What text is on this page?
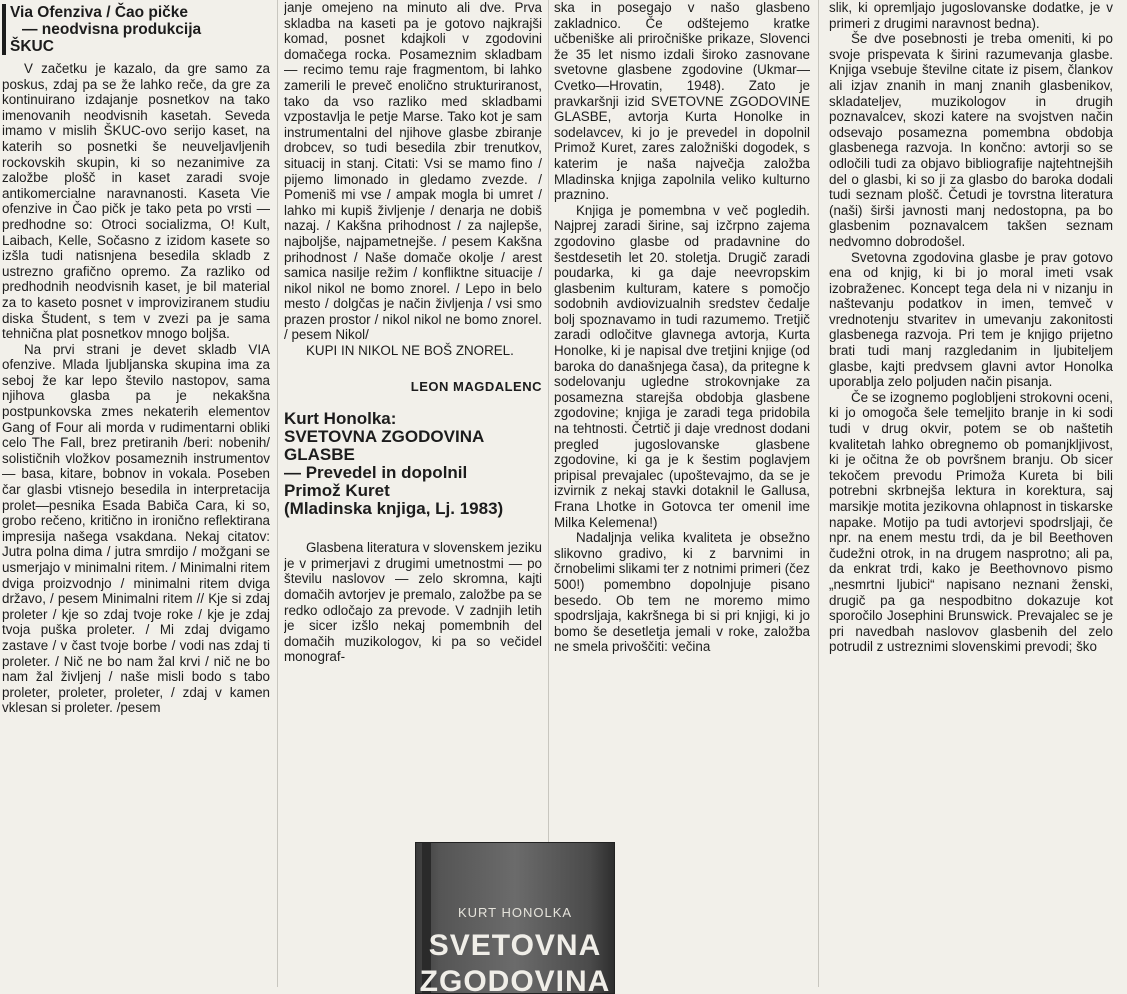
Via Ofenziva / Čao pičke
— neodvisna produkcija
ŠKUC

V začetku je kazalo, da gre samo za poskus, zdaj pa se že lahko reče, da gre za kontinuirano izdajanje posnetkov na tako imenovanih neodvisnih kasetah. Seveda imamo v mislih ŠKUC-ovo serijo kaset, na katerih so posnetki še neuveljavljenih rockovskih skupin, ki so nezanimive za založbe plošč in kaset zaradi svoje antikomercialne naravnanosti. Kaseta Vie ofenzive in Čao pičk je tako peta po vrsti — predhodne so: Otroci socializma, O! Kult, Laibach, Kelle, Sočasno z izidom kasete so izšla tudi natisnjena besedila skladb z ustrezno grafično opremo. Za razliko od predhodnih neodvisnih kaset, je bil material za to kaseto posnet v improviziranem studiu diska Študent, s tem v zvezi pa je sama tehnična plat posnetkov mnogo boljša.

Na prvi strani je devet skladb VIA ofenzive. Mlada ljubljanska skupina ima za seboj že kar lepo število nastopov, sama njihova glasba pa je nekakšna postpunkovska zmes nekaterih elementov Gang of Four ali morda v rudimentarni obliki celo The Fall, brez pretiranih /beri: nobenih/ solističnih vložkov posameznih instrumentov — basa, kitare, bobnov in vokala. Poseben čar glasbi vtisnejo besedila in interpretacija prolet—pesnika Esada Babiča Cara, ki so, grobo rečeno, kritično in ironično reflektirana impresija našega vsakdana. Nekaj citatov: Jutra polna dima / jutra smrdijo / možgani se usmerjajo v minimalni ritem. / Minimalni ritem dviga proizvodnjo / minimalni ritem dviga državo, / pesem Minimalni ritem // Kje si zdaj proleter / kje so zdaj tvoje roke / kje je zdaj tvoja puška proleter. / Mi zdaj dvigamo zastave / v čast tvoje borbe / vodi nas zdaj ti proleter. / Nič ne bo nam žal krvi / nič ne bo nam žal življenj / naše misli bodo s tabo proleter, proleter, proleter, / zdaj v kamen vklesan si proleter. /pesem

janje omejeno na minuto ali dve. Prva skladba na kaseti pa je gotovo najkrajši komad, posnet kdajkoli v zgodovini domačega rocka. Posameznim skladbam — recimo temu raje fragmentom, bi lahko zamerili le preveč enolično strukturiranost, tako da vso razliko med skladbami vzpostavlja le petje Marse. Tako kot je sam instrumentalni del njihove glasbe zbiranje drobcev, so tudi besedila zbir trenutkov, situacij in stanj. Citati: Vsi se mamo fino / pijemo limonado in gledamo zvezde. / Pomeniš mi vse / ampak mogla bi umret / lahko mi kupiš življenje / denarja ne dobiš nazaj. / Kakšna prihodnost / za najlepše, najboljše, najpametnejše. / pesem Kakšna prihodnost / Naše domače okolje / arest samica nasilje režim / konfliktne situacije / nikol nikol ne bomo znorel. / Lepo in belo mesto / dolgčas je način življenja / vsi smo prazen prostor / nikol nikol ne bomo znorel. / pesem Nikol/

KUPI IN NIKOL NE BOŠ ZNOREL.

LEON MAGDALENC
Kurt Honolka:
SVETOVNA ZGODOVINA
GLASBE
— Prevedel in dopolnil
Primož Kuret
(Mladinska knjiga, Lj. 1983)

Glasbena literatura v slovenskem jeziku je v primerjavi z drugimi umetnostmi — po številu naslovov — zelo skromna, kajti domačih avtorjev je premalo, založbe pa se redko odločajo za prevode. V zadnjih letih je sicer izšlo nekaj pomembnih del domačih muzikologov, ki pa so večidel monograf-

ska in posegajo v našo glasbeno zakladnico. Če odštejemo kratke učbeniške ali priročniške prikaze, Slovenci že 35 let nismo izdali široko zasnovane svetovne glasbene zgodovine (Ukmar—Cvetko—Hrovatin, 1948). Zato je pravkaršnji izid SVETOVNE ZGODOVINE GLASBE, avtorja Kurta Honolke in sodelavcev, ki jo je prevedel in dopolnil Primož Kuret, zares založniški dogodek, s katerim je naša največja založba Mladinska knjiga zapolnila veliko kulturno praznino.

Knjiga je pomembna v več pogledih. Najprej zaradi širine, saj izčrpno zajema zgodovino glasbe od pradavnine do šestdesetih let 20. stoletja. Drugič zaradi poudarka, ki ga daje neevropskim glasbenim kulturam, katere s pomočjo sodobnih avdiovizualnih sredstev čedalje bolj spoznavamo in tudi razumemo. Tretjič zaradi odločitve glavnega avtorja, Kurta Honolke, ki je napisal dve tretjini knjige (od baroka do današnjega časa), da pritegne k sodelovanju ugledne strokovnjake za posamezna starejša obdobja glasbene zgodovine; knjiga je zaradi tega pridobila na tehtnosti. Četrtič ji daje vrednost dodani pregled jugoslovanske glasbene zgodovine, ki ga je k šestim poglavjem pripisal prevajalec (upoštevajmo, da se je izvirnik z nekaj stavki dotaknil le Gallusa, Frana Lhotke in Gotovca ter omenil ime Milka Kelemena!)

Nadaljnja velika kvaliteta je obsežno slikovno gradivo, ki z barvnimi in črnobelimi slikami ter z notnimi primeri (čez 500!) pomembno dopolnjuje pisano besedo. Ob tem ne moremo mimo spodrsljaja, kakršnega bi si pri knjigi, ki jo bomo še desetletja jemali v roke, založba ne smela privoščiti: večina

slik, ki opremljajo jugoslovanske dodatke, je v primeri z drugimi naravnost bedna).

Še dve posebnosti je treba omeniti, ki po svoje prispevata k širini razumevanja glasbe. Knjiga vsebuje številne citate iz pisem, člankov ali izjav znanih in manj znanih glasbenikov, skladateljev, muzikologov in drugih poznavalcev, skozi katere na svojstven način odsevajo posamezna pomembna obdobja glasbenega razvoja. In končno: avtorji so se odločili tudi za objavo bibliografije najtehtnejših del o glasbi, ki so ji za glasbo do baroka dodali tudi seznam plošč. Četudi je tovrstna literatura (naši) širši javnosti manj nedostopna, pa bo glasbenim poznavalcem takšen seznam nedvomno dobrodošel.

Svetovna zgodovina glasbe je prav gotovo ena od knjig, ki bi jo moral imeti vsak izobraženec. Koncept tega dela ni v nizanju in naštevanju podatkov in imen, temveč v vrednotenju stvaritev in umevanju zakonitosti glasbenega razvoja. Pri tem je knjigo prijetno brati tudi manj razgledanim in ljubiteljem glasbe, kajti predvsem glavni avtor Honolka uporablja zelo poljuden način pisanja.

Če se izognemo poglobljeni strokovni oceni, ki jo omogoča šele temeljito branje in ki sodi tudi v drug okvir, potem se ob naštetih kvalitetah lahko obregnemo ob pomanjkljivost, ki je očitna že ob površnem branju. Ob sicer tekočem prevodu Primoža Kureta bi bili potrebni skrbnejša lektura in korektura, saj marsikje motita jezikovna ohlapnost in tiskarske napake. Motijo pa tudi avtorjevi spodrsljaji, če npr. na enem mestu trdi, da je bil Beethoven čudežni otrok, in na drugem nasprotno; ali pa, da enkrat trdi, kako je Beethovnovo pismo „nesmrtni ljubici“ napisano neznani ženski, drugič pa ga nespodbitno dokazuje kot sporočilo Josephini Brunswick. Prevajalec se je pri navedbah naslovov glasbenih del zelo potrudil z ustreznimi slovenskimi prevodi; ško

KURT HONOLKA
SVETOVNA
ZGODOVINA
